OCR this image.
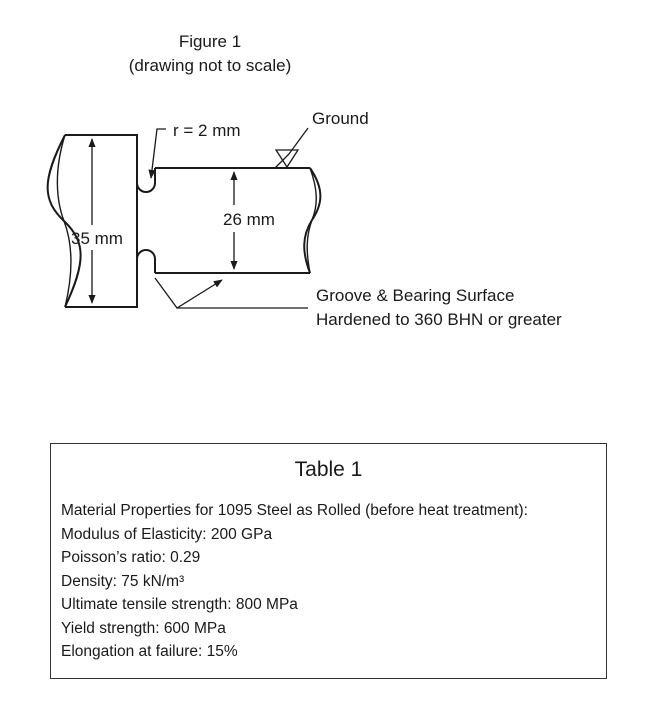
Figure 1
(drawing not to scale)
r = 2 mm
Ground
26 mm
35 mm
Groove & Bearing Surface
Hardened to 360 BHN or greater
Table 1
Material Properties for 1095 Steel as Rolled (before heat treatment):
Modulus of Elasticity: 200 GPa
Poisson’s ratio: 0.29
Density: 75 kN/m³
Ultimate tensile strength: 800 MPa
Yield strength: 600 MPa
Elongation at failure: 15%
